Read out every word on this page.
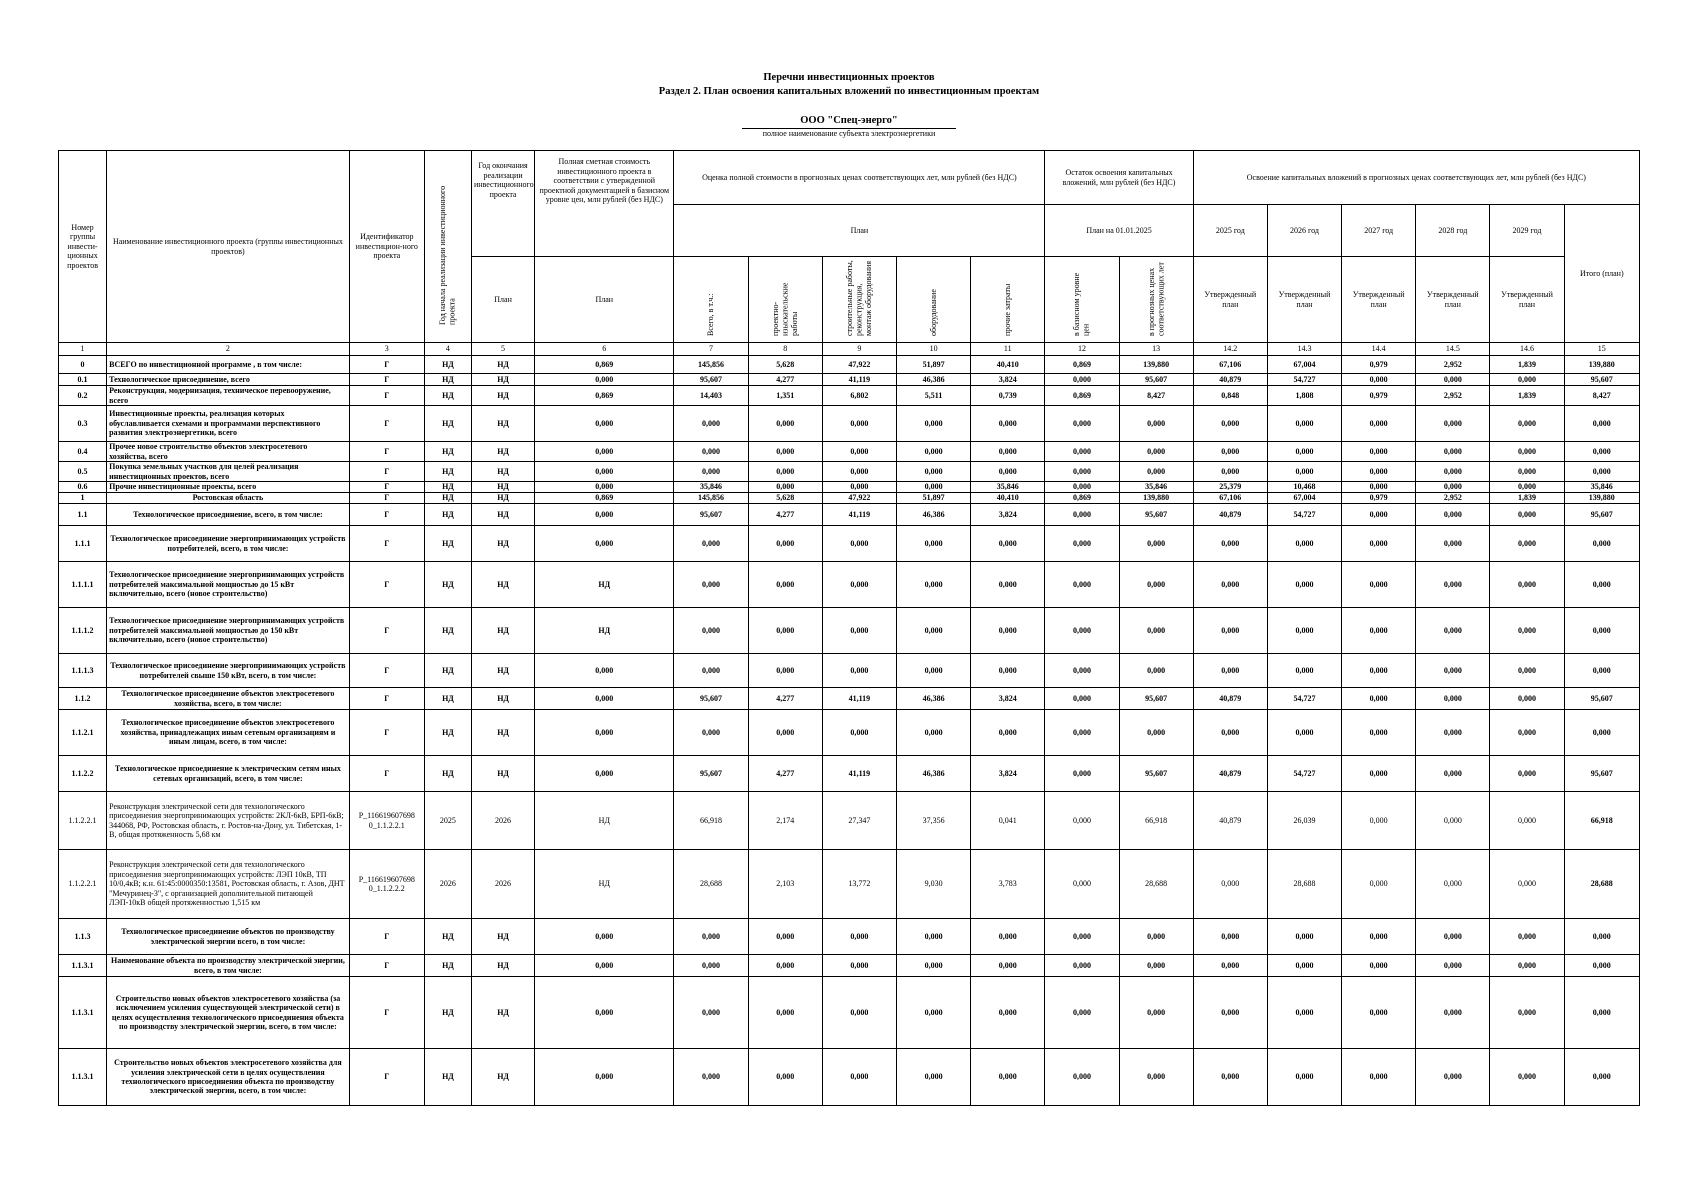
Перечни инвестиционных проектов
Раздел 2. План освоения капитальных вложений по инвестиционным проектам
ООО "Спец-энерго"
полное наименование субъекта электроэнергетики
Номер группы инвести-ционных проектов	Наименование инвестиционного проекта (группы инвестиционных проектов)	Идентификатор инвестицион-ного проекта	Год начала реализации инвестиционного проекта	Год окончания реализации инвестиционного проекта	Полная сметная стоимость инвестиционного проекта в соответствии с утвержденной проектной документацией в базисном уровне цен, млн рублей (без НДС)	Оценка полной стоимости в прогнозных ценах соответствующих лет, млн рублей (без НДС)					Остаток освоения капитальных вложений, млн рублей (без НДС)		Освоение капитальных вложений в прогнозных ценах соответствующих лет, млн рублей (без НДС)					
						План					План на 01.01.2025		2025 год	2026 год	2027 год	2028 год	2029 год	Итого (план)
				План	План	Всего, в т.ч.:	проектно-изыскательские работы	строительные работы, реконструкция, монтаж оборудования	оборудование	прочие затраты	в базисном уровне цен	в прогнозных ценах соответствующих лет	Утвержденный план	Утвержденный план	Утвержденный план	Утвержденный план	Утвержденный план	
1	2	3	4	5	6	7	8	9	10	11	12	13	14.2	14.3	14.4	14.5	14.6	15
0	ВСЕГО по инвестиционной программе , в том числе:	Г	НД	НД	0,869	145,856	5,628	47,922	51,897	40,410	0,869	139,880	67,106	67,004	0,979	2,952	1,839	139,880
0.1	Технологическое присоединение, всего	Г	НД	НД	0,000	95,607	4,277	41,119	46,386	3,824	0,000	95,607	40,879	54,727	0,000	0,000	0,000	95,607
0.2	Реконструкция, модернизация, техническое перевооружение, всего	Г	НД	НД	0,869	14,403	1,351	6,802	5,511	0,739	0,869	8,427	0,848	1,808	0,979	2,952	1,839	8,427
0.3	Инвестиционные проекты, реализация которых обуславливается схемами и программами перспективного развития электроэнергетики, всего	Г	НД	НД	0,000	0,000	0,000	0,000	0,000	0,000	0,000	0,000	0,000	0,000	0,000	0,000	0,000	0,000
0.4	Прочее новое строительство объектов электросетевого хозяйства, всего	Г	НД	НД	0,000	0,000	0,000	0,000	0,000	0,000	0,000	0,000	0,000	0,000	0,000	0,000	0,000	0,000
0.5	Покупка земельных участков для целей реализация инвестиционных проектов, всего	Г	НД	НД	0,000	0,000	0,000	0,000	0,000	0,000	0,000	0,000	0,000	0,000	0,000	0,000	0,000	0,000
0.6	Прочие инвестиционные проекты, всего	Г	НД	НД	0,000	35,846	0,000	0,000	0,000	35,846	0,000	35,846	25,379	10,468	0,000	0,000	0,000	35,846
1	Ростовская область	Г	НД	НД	0,869	145,856	5,628	47,922	51,897	40,410	0,869	139,880	67,106	67,004	0,979	2,952	1,839	139,880
1.1	Технологическое присоединение, всего, в том числе:	Г	НД	НД	0,000	95,607	4,277	41,119	46,386	3,824	0,000	95,607	40,879	54,727	0,000	0,000	0,000	95,607
1.1.1	Технологическое присоединение энергопринимающих устройств потребителей, всего, в том числе:	Г	НД	НД	0,000	0,000	0,000	0,000	0,000	0,000	0,000	0,000	0,000	0,000	0,000	0,000	0,000	0,000
1.1.1.1	Технологическое присоединение энергопринимающих устройств потребителей максимальной мощностью до 15 кВт включительно, всего (новое строительство)	Г	НД	НД	НД	0,000	0,000	0,000	0,000	0,000	0,000	0,000	0,000	0,000	0,000	0,000	0,000	0,000
1.1.1.2	Технологическое присоединение энергопринимающих устройств потребителей максимальной мощностью до 150 кВт включительно, всего (новое строительство)	Г	НД	НД	НД	0,000	0,000	0,000	0,000	0,000	0,000	0,000	0,000	0,000	0,000	0,000	0,000	0,000
1.1.1.3	Технологическое присоединение энергопринимающих устройств потребителей свыше 150 кВт, всего, в том числе:	Г	НД	НД	0,000	0,000	0,000	0,000	0,000	0,000	0,000	0,000	0,000	0,000	0,000	0,000	0,000	0,000
1.1.2	Технологическое присоединение объектов электросетевого хозяйства, всего, в том числе:	Г	НД	НД	0,000	95,607	4,277	41,119	46,386	3,824	0,000	95,607	40,879	54,727	0,000	0,000	0,000	95,607
1.1.2.1	Технологическое присоединение объектов электросетевого хозяйства, принадлежащих иным сетевым организациям и иным лицам, всего, в том числе:	Г	НД	НД	0,000	0,000	0,000	0,000	0,000	0,000	0,000	0,000	0,000	0,000	0,000	0,000	0,000	0,000
1.1.2.2	Технологическое присоединение к электрическим сетям иных сетевых организаций, всего, в том числе:	Г	НД	НД	0,000	95,607	4,277	41,119	46,386	3,824	0,000	95,607	40,879	54,727	0,000	0,000	0,000	95,607
1.1.2.2.1	Реконструкция электрической сети для технологического присоединения энергопринимающих устройств: 2КЛ-6кВ, БРП-6кВ; 344068, РФ, Ростовская область, г. Ростов-на-Дону, ул. Тибетская, 1-В, общая протяженность 5,68 км	P_116619607698 0_1.1.2.2.1	2025	2026	НД	66,918	2,174	27,347	37,356	0,041	0,000	66,918	40,879	26,039	0,000	0,000	0,000	66,918
1.1.2.2.1	Реконструкция электрической сети для технологического присоединения энергопринимающих устройств: ЛЭП 10кВ, ТП 10/0,4кВ; к.н. 61:45:0000350:13581, Ростовская область, г. Азов, ДНТ "Мечуринец-3", с организацией дополнительной питающей ЛЭП-10кВ общей протяженностью 1,515 км	P_116619607698 0_1.1.2.2.2	2026	2026	НД	28,688	2,103	13,772	9,030	3,783	0,000	28,688	0,000	28,688	0,000	0,000	0,000	28,688
1.1.3	Технологическое присоединение объектов по производству электрической энергии всего, в том числе:	Г	НД	НД	0,000	0,000	0,000	0,000	0,000	0,000	0,000	0,000	0,000	0,000	0,000	0,000	0,000	0,000
1.1.3.1	Наименование объекта по производству электрической энергии, всего, в том числе:	Г	НД	НД	0,000	0,000	0,000	0,000	0,000	0,000	0,000	0,000	0,000	0,000	0,000	0,000	0,000	0,000
1.1.3.1	Строительство новых объектов электросетевого хозяйства (за исключением усиления существующей электрической сети) в целях осуществления технологического присоединения объекта по производству электрической энергии, всего, в том числе:	Г	НД	НД	0,000	0,000	0,000	0,000	0,000	0,000	0,000	0,000	0,000	0,000	0,000	0,000	0,000	0,000
1.1.3.1	Строительство новых объектов электросетевого хозяйства для усиления электрической сети в целях осуществления технологического присоединения объекта по производству электрической энергии, всего, в том числе:	Г	НД	НД	0,000	0,000	0,000	0,000	0,000	0,000	0,000	0,000	0,000	0,000	0,000	0,000	0,000	0,000
